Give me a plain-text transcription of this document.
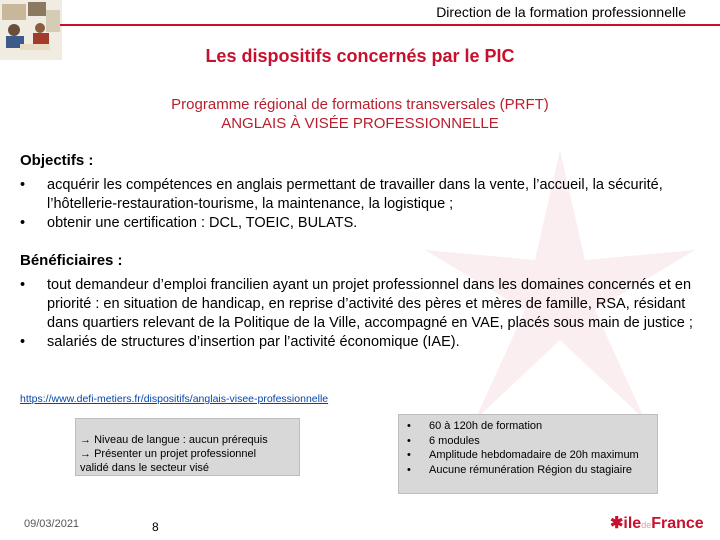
Direction de la formation professionnelle
Les dispositifs concernés par le PIC
Programme régional de formations transversales (PRFT)
ANGLAIS À VISÉE PROFESSIONNELLE
Objectifs :
• acquérir les compétences en anglais permettant de travailler dans la vente, l’accueil, la sécurité, l’hôtellerie-restauration-tourisme, la maintenance, la logistique ;
• obtenir une certification : DCL, TOEIC, BULATS.
Bénéficiaires :
• tout demandeur d’emploi francilien ayant un projet professionnel dans les domaines concernés et en priorité : en situation de handicap, en reprise d’activité des pères et mères de famille, RSA, résidant dans quartiers relevant de la Politique de la Ville, accompagné en VAE, placés sous main de justice ;
• salariés de structures d’insertion par l’activité économique (IAE).
https://www.defi-metiers.fr/dispositifs/anglais-visee-professionnelle
→ Niveau de langue : aucun prérequis
→ Présenter un projet professionnel
validé dans le secteur visé
• 60 à 120h de formation
• 6 modules
• Amplitude hebdomadaire de 20h maximum
• Aucune rémunération Région du stagiaire
09/03/2021	8	✱iledeFrance
